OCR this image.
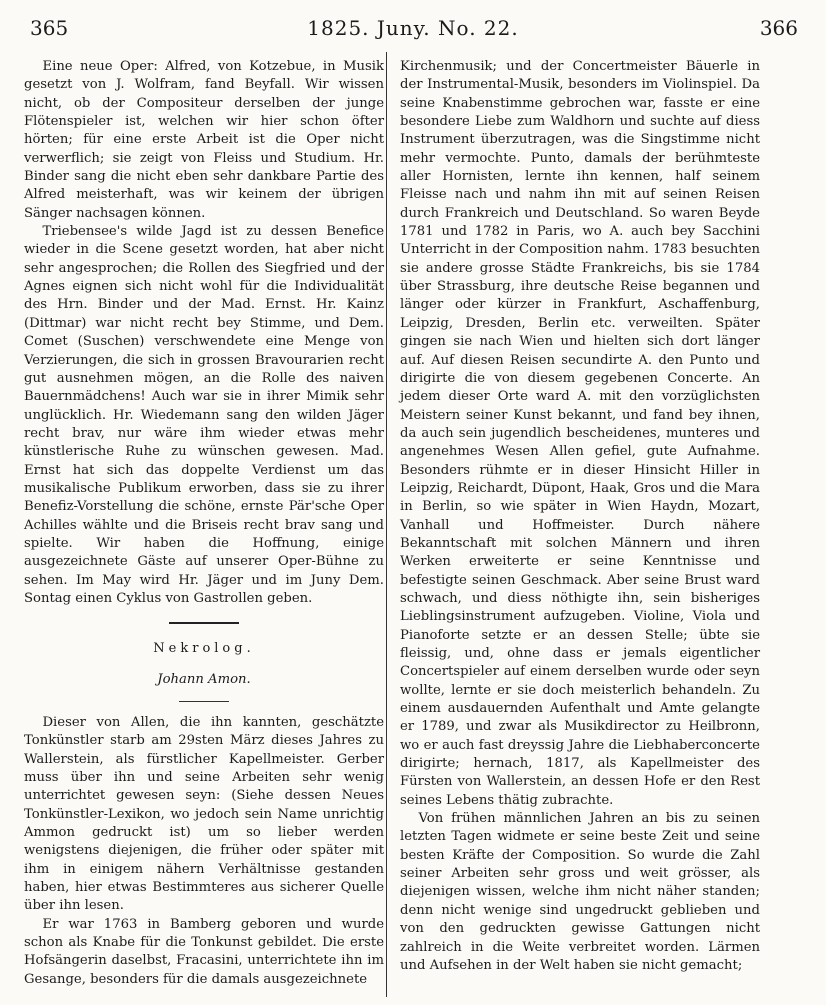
365	1825. Juny. No. 22.	366

Eine neue Oper: Alfred, von Kotzebue, in Musik gesetzt von J. Wolfram, fand Beyfall. Wir wissen nicht, ob der Compositeur derselben der junge Flötenspieler ist, welchen wir hier schon öfter hörten; für eine erste Arbeit ist die Oper nicht verwerflich; sie zeigt von Fleiss und Studium. Hr. Binder sang die nicht eben sehr dankbare Partie des Alfred meisterhaft, was wir keinem der übrigen Sänger nachsagen können.

Triebensee's wilde Jagd ist zu dessen Benefice wieder in die Scene gesetzt worden, hat aber nicht sehr angesprochen; die Rollen des Siegfried und der Agnes eignen sich nicht wohl für die Individualität des Hrn. Binder und der Mad. Ernst. Hr. Kainz (Dittmar) war nicht recht bey Stimme, und Dem. Comet (Suschen) verschwendete eine Menge von Verzierungen, die sich in grossen Bravourarien recht gut ausnehmen mögen, an die Rolle des naiven Bauernmädchens! Auch war sie in ihrer Mimik sehr unglücklich. Hr. Wiedemann sang den wilden Jäger recht brav, nur wäre ihm wieder etwas mehr künstlerische Ruhe zu wünschen gewesen. Mad. Ernst hat sich das doppelte Verdienst um das musikalische Publikum erworben, dass sie zu ihrer Benefiz-Vorstellung die schöne, ernste Pär'sche Oper Achilles wählte und die Briseis recht brav sang und spielte. Wir haben die Hoffnung, einige ausgezeichnete Gäste auf unserer Oper-Bühne zu sehen. Im May wird Hr. Jäger und im Juny Dem. Sontag einen Cyklus von Gastrollen geben.

Nekrolog.
Johann Amon.

Dieser von Allen, die ihn kannten, geschätzte Tonkünstler starb am 29sten März dieses Jahres zu Wallerstein, als fürstlicher Kapellmeister. Gerber muss über ihn und seine Arbeiten sehr wenig unterrichtet gewesen seyn: (Siehe dessen Neues Tonkünstler-Lexikon, wo jedoch sein Name unrichtig Ammon gedruckt ist) um so lieber werden wenigstens diejenigen, die früher oder später mit ihm in einigem nähern Verhältnisse gestanden haben, hier etwas Bestimmteres aus sicherer Quelle über ihn lesen.

Er war 1763 in Bamberg geboren und wurde schon als Knabe für die Tonkunst gebildet. Die erste Hofsängerin daselbst, Fracasini, unterrichtete ihn im Gesange, besonders für die damals ausgezeichnete

Kirchenmusik; und der Concertmeister Bäuerle in der Instrumental-Musik, besonders im Violinspiel. Da seine Knabenstimme gebrochen war, fasste er eine besondere Liebe zum Waldhorn und suchte auf diess Instrument überzutragen, was die Singstimme nicht mehr vermochte. Punto, damals der berühmteste aller Hornisten, lernte ihn kennen, half seinem Fleisse nach und nahm ihn mit auf seinen Reisen durch Frankreich und Deutschland. So waren Beyde 1781 und 1782 in Paris, wo A. auch bey Sacchini Unterricht in der Composition nahm. 1783 besuchten sie andere grosse Städte Frankreichs, bis sie 1784 über Strassburg, ihre deutsche Reise begannen und länger oder kürzer in Frankfurt, Aschaffenburg, Leipzig, Dresden, Berlin etc. verweilten. Später gingen sie nach Wien und hielten sich dort länger auf. Auf diesen Reisen secundirte A. den Punto und dirigirte die von diesem gegebenen Concerte. An jedem dieser Orte ward A. mit den vorzüglichsten Meistern seiner Kunst bekannt, und fand bey ihnen, da auch sein jugendlich bescheidenes, munteres und angenehmes Wesen Allen gefiel, gute Aufnahme. Besonders rühmte er in dieser Hinsicht Hiller in Leipzig, Reichardt, Düpont, Haak, Gros und die Mara in Berlin, so wie später in Wien Haydn, Mozart, Vanhall und Hoffmeister. Durch nähere Bekanntschaft mit solchen Männern und ihren Werken erweiterte er seine Kenntnisse und befestigte seinen Geschmack. Aber seine Brust ward schwach, und diess nöthigte ihn, sein bisheriges Lieblingsinstrument aufzugeben. Violine, Viola und Pianoforte setzte er an dessen Stelle; übte sie fleissig, und, ohne dass er jemals eigentlicher Concertspieler auf einem derselben wurde oder seyn wollte, lernte er sie doch meisterlich behandeln. Zu einem ausdauernden Aufenthalt und Amte gelangte er 1789, und zwar als Musikdirector zu Heilbronn, wo er auch fast dreyssig Jahre die Liebhaberconcerte dirigirte; hernach, 1817, als Kapellmeister des Fürsten von Wallerstein, an dessen Hofe er den Rest seines Lebens thätig zubrachte.

Von frühen männlichen Jahren an bis zu seinen letzten Tagen widmete er seine beste Zeit und seine besten Kräfte der Composition. So wurde die Zahl seiner Arbeiten sehr gross und weit grösser, als diejenigen wissen, welche ihm nicht näher standen; denn nicht wenige sind ungedruckt geblieben und von den gedruckten gewisse Gattungen nicht zahlreich in die Weite verbreitet worden. Lärmen und Aufsehen in der Welt haben sie nicht gemacht;
